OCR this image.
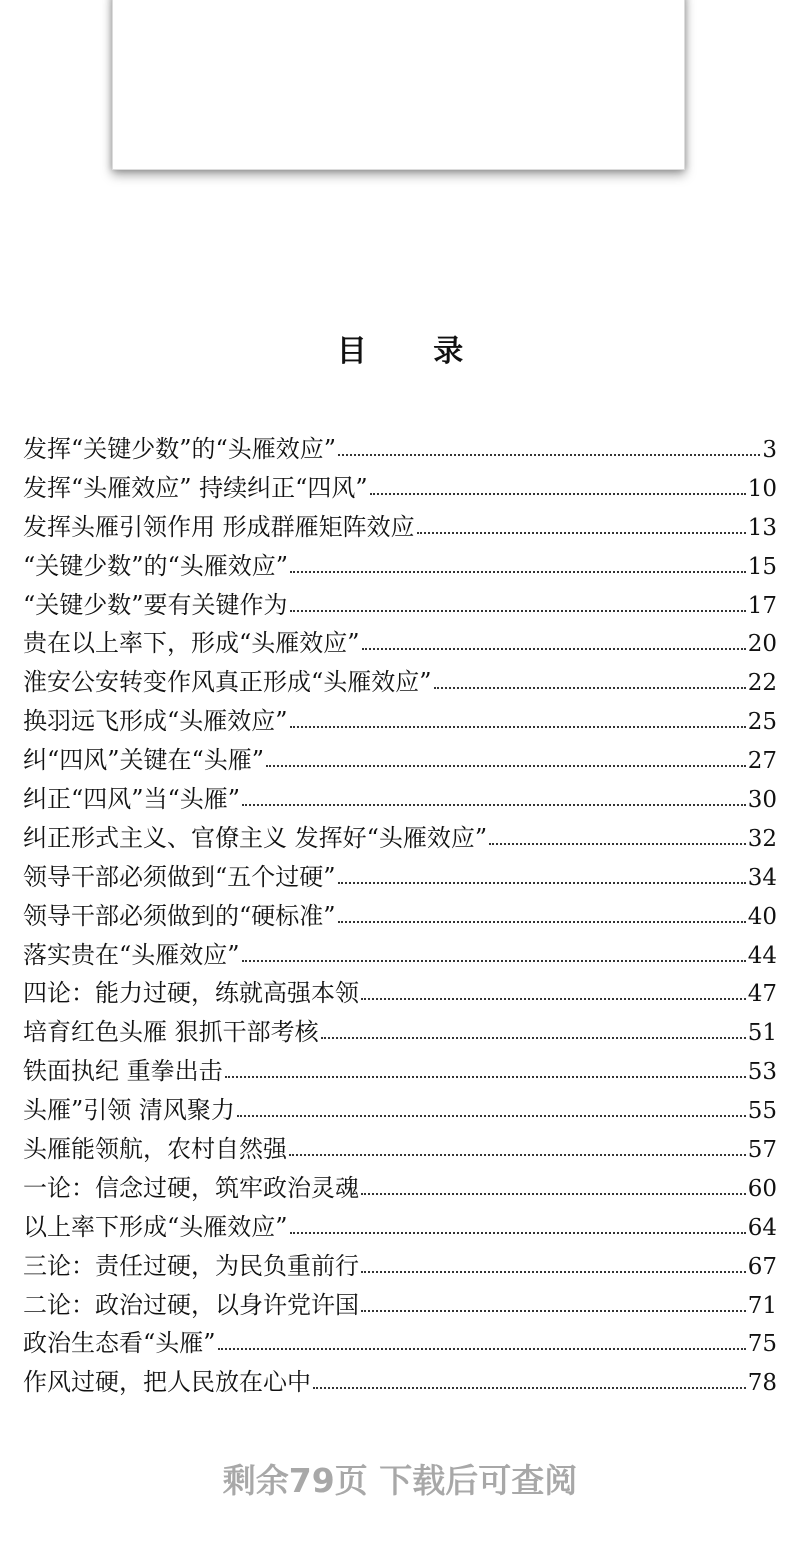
目 录
发挥“关键少数”的“头雁效应”	3
发挥“头雁效应” 持续纠正“四风”	10
发挥头雁引领作用 形成群雁矩阵效应	13
“关键少数”的“头雁效应”	15
“关键少数”要有关键作为	17
贵在以上率下，形成“头雁效应”	20
淮安公安转变作风真正形成“头雁效应”	22
换羽远飞形成“头雁效应”	25
纠“四风”关键在“头雁”	27
纠正“四风”当“头雁”	30
纠正形式主义、官僚主义 发挥好“头雁效应”	32
领导干部必须做到“五个过硬”	34
领导干部必须做到的“硬标准”	40
落实贵在“头雁效应”	44
四论：能力过硬，练就高强本领	47
培育红色头雁 狠抓干部考核	51
铁面执纪 重拳出击	53
头雁”引领 清风聚力	55
头雁能领航，农村自然强	57
一论：信念过硬，筑牢政治灵魂	60
以上率下形成“头雁效应”	64
三论：责任过硬，为民负重前行	67
二论：政治过硬，以身许党许国	71
政治生态看“头雁”	75
作风过硬，把人民放在心中	78
剩余79页 下载后可查阅
